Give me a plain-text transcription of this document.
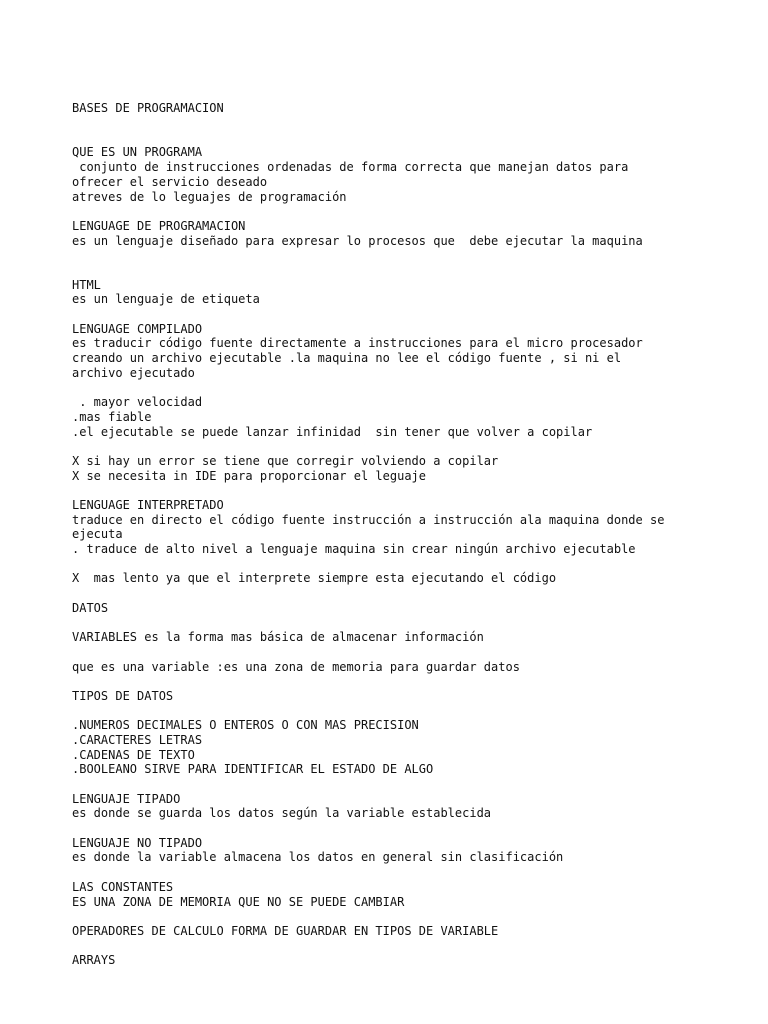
BASES DE PROGRAMACION
QUE ES UN PROGRAMA
conjunto de instrucciones ordenadas de forma correcta que manejan datos para
ofrecer el servicio deseado
atreves de lo leguajes de programación
LENGUAGE DE PROGRAMACION
es un lenguaje diseñado para expresar lo procesos que  debe ejecutar la maquina
HTML
es un lenguaje de etiqueta
LENGUAGE COMPILADO
es traducir código fuente directamente a instrucciones para el micro procesador
creando un archivo ejecutable .la maquina no lee el código fuente , si ni el
archivo ejecutado
. mayor velocidad
.mas fiable
.el ejecutable se puede lanzar infinidad  sin tener que volver a copilar
X si hay un error se tiene que corregir volviendo a copilar
X se necesita in IDE para proporcionar el leguaje
LENGUAGE INTERPRETADO
traduce en directo el código fuente instrucción a instrucción ala maquina donde se
ejecuta
. traduce de alto nivel a lenguaje maquina sin crear ningún archivo ejecutable
X  mas lento ya que el interprete siempre esta ejecutando el código
DATOS
VARIABLES es la forma mas básica de almacenar información
que es una variable :es una zona de memoria para guardar datos
TIPOS DE DATOS
.NUMEROS DECIMALES O ENTEROS O CON MAS PRECISION
.CARACTERES LETRAS
.CADENAS DE TEXTO
.BOOLEANO SIRVE PARA IDENTIFICAR EL ESTADO DE ALGO
LENGUAJE TIPADO
es donde se guarda los datos según la variable establecida
LENGUAJE NO TIPADO
es donde la variable almacena los datos en general sin clasificación
LAS CONSTANTES
ES UNA ZONA DE MEMORIA QUE NO SE PUEDE CAMBIAR
OPERADORES DE CALCULO FORMA DE GUARDAR EN TIPOS DE VARIABLE
ARRAYS
